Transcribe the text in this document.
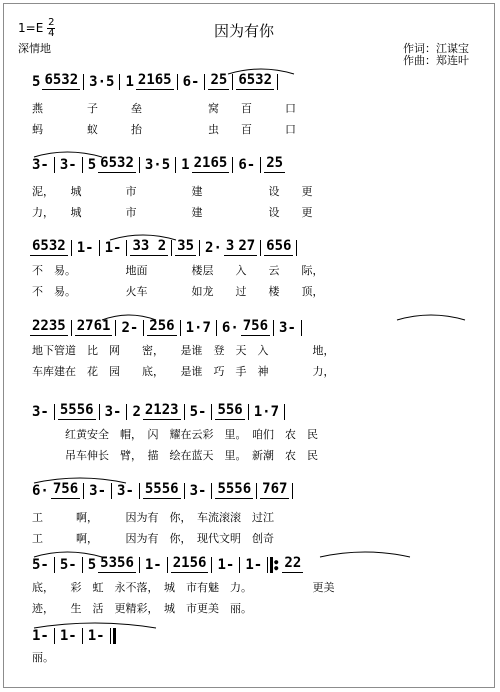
$1=E \frac{2}{4}$
深情地
因为有你
作词：江谋宝
作曲：郑连叶
5 6532 3·5 1 2165 6- 25 6532
燕　　　　子　　　垒　　　　　　窝　　百　　　口
蚂　　　　蚁　　　抬　　　　　　虫　　百　　　口
3- 3- 5 6532 3·5 1 2165 6- 25
泥，　　城　　　　市　　　　　建　　　　　　设　　更
力，　　城　　　　市　　　　　建　　　　　　设　　更
6532 1- 1- 33 2 35 2· 3 27 656
不　易。　　　　　地面　　　　楼层　　入　　云　　际，
不　易。　　　　　火车　　　　如龙　　过　　楼　　顶，
2235 2761 2- 256 1·7 6· 756 3-
地下管道　比　网　　密，　　是谁　登　天　入　　　　地，
车库建在　花　园　　底，　　是谁　巧　手　神　　　　力，
3- 5556 3- 2 2123 5- 556 1·7
　　　红黄安全　帽，　闪　耀在云彩　里。　咱们　农　民
　　　吊车伸长　臂，　描　绘在蓝天　里。　新潮　农　民
6· 756 3- 3- 5556 3- 5556 767
工　　　啊，　　　因为有　你，　车流滚滚　过江
工　　　啊，　　　因为有　你，　现代文明　创奇
5- 5- 5 5356 1- 2156 1- 1- ●
● 22
底，　　彩　虹　永不落，　城　市有魅　力。　　　　　　更美
迹，　　生　活　更精彩，　城　市更美　丽。
1- 1- 1-
丽。
